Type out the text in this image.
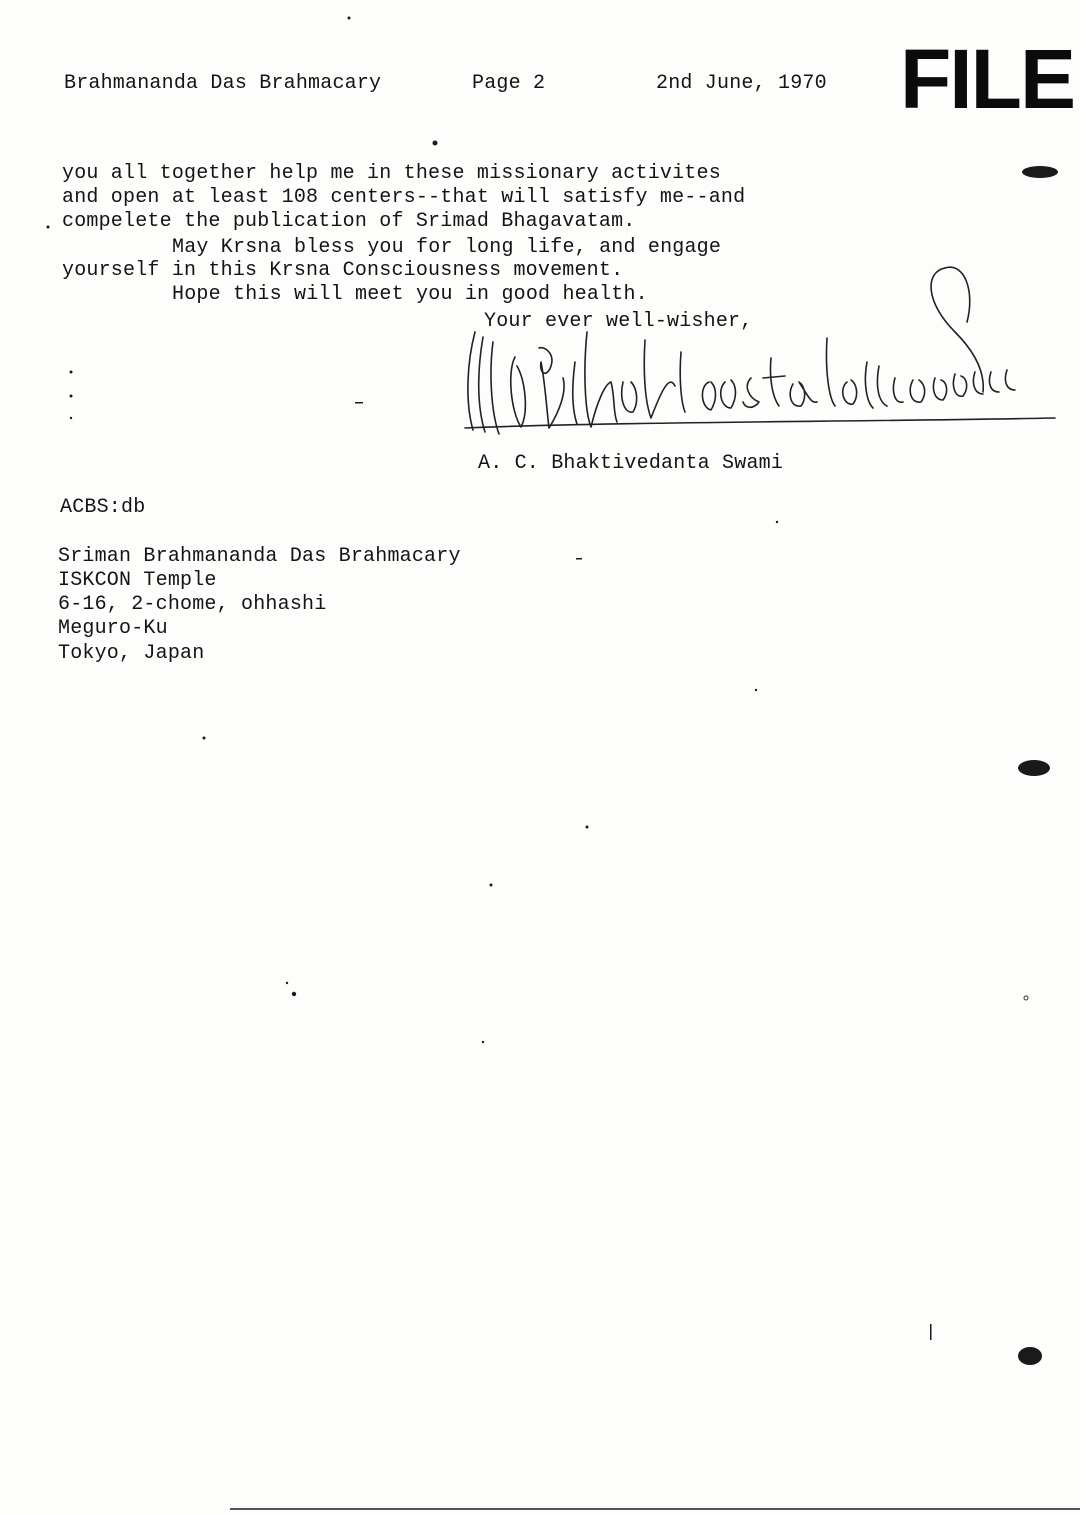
Brahmananda Das Brahmacary	Page 2	2nd June, 1970 FILE
you all together help me in these missionary activites
and open at least 108 centers--that will satisfy me--and
compelete the publication of Srimad Bhagavatam.
May Krsna bless you for long life, and engage
yourself in this Krsna Consciousness movement.
Hope this will meet you in good health.
Your ever well-wisher,
A. C. Bhaktivedanta Swami
ACBS:db
Sriman Brahmananda Das Brahmacary
ISKCON Temple
6-16, 2-chome, ohhashi
Meguro-Ku
Tokyo, Japan
